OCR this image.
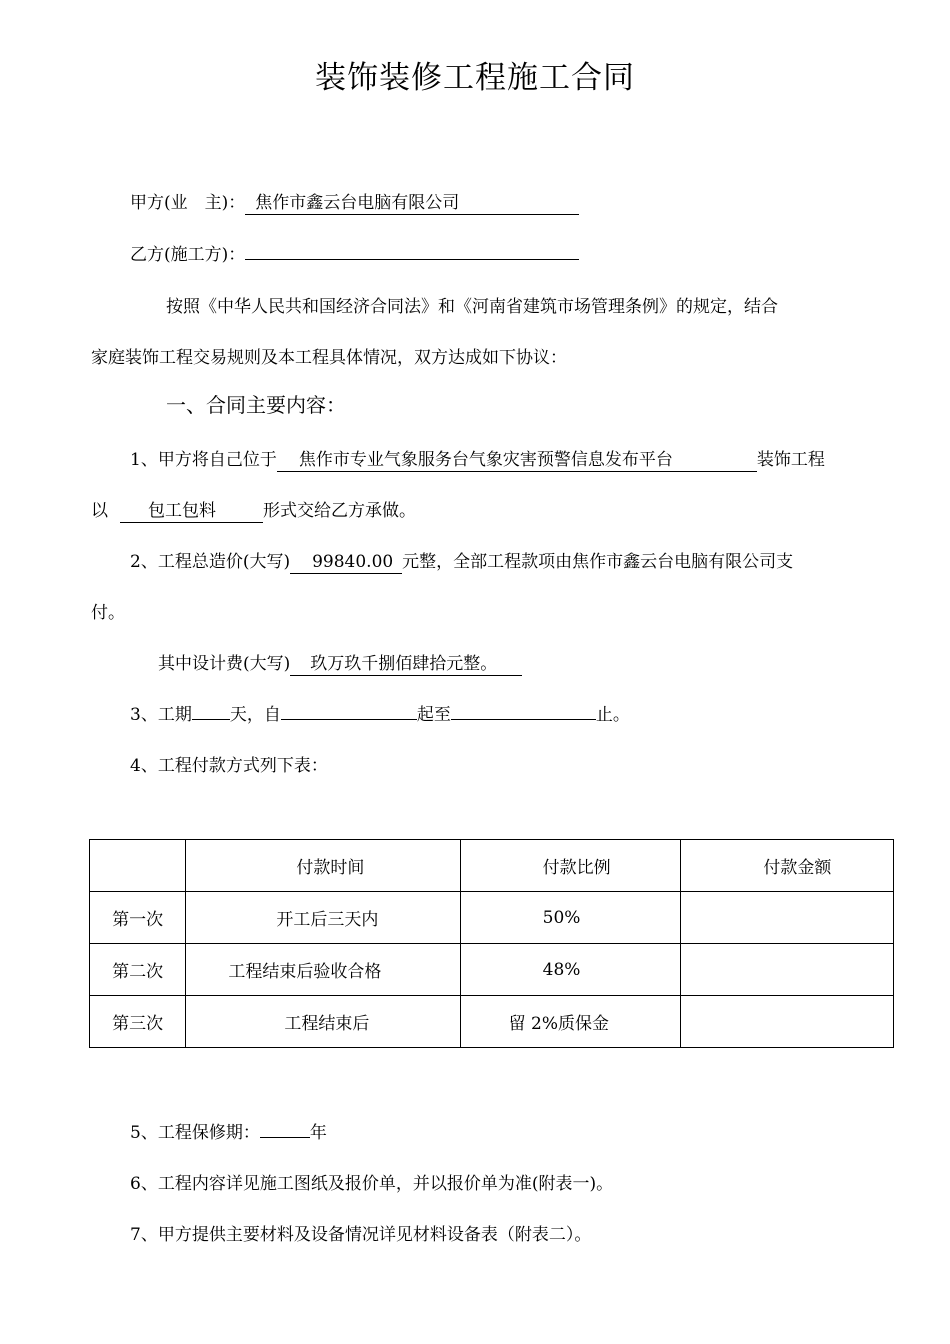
装饰装修工程施工合同
甲方(业　主)： 焦作市鑫云台电脑有限公司
乙方(施工方)：
按照《中华人民共和国经济合同法》和《河南省建筑市场管理条例》的规定，结合
家庭装饰工程交易规则及本工程具体情况，双方达成如下协议：
一、合同主要内容：
1、甲方将自己位于 焦作市专业气象服务台气象灾害预警信息发布平台	装饰工程
以 包工包料	形式交给乙方承做。
2、工程总造价(大写) 99840.00 元整，全部工程款项由焦作市鑫云台电脑有限公司支
付。
其中设计费(大写) 玖万玖千捌佰肆拾元整。
3、工期 天，自	起至	止。
4、工程付款方式列下表：
	付款时间	付款比例	付款金额
第一次	开工后三天内	50%	
第二次	工程结束后验收合格	48%	
第三次	工程结束后	留 2%质保金	
5、工程保修期：	年
6、工程内容详见施工图纸及报价单，并以报价单为准(附表一)。
7、甲方提供主要材料及设备情况详见材料设备表（附表二）。
